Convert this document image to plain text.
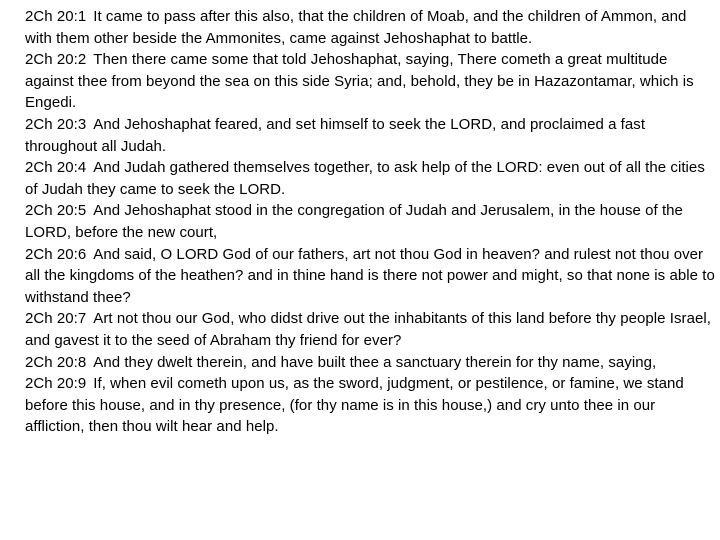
2Ch 20:1 It came to pass after this also, that the children of Moab, and the children of Ammon, and with them other beside the Ammonites, came against Jehoshaphat to battle.

2Ch 20:2 Then there came some that told Jehoshaphat, saying, There cometh a great multitude against thee from beyond the sea on this side Syria; and, behold, they be in Hazazontamar, which is Engedi.

2Ch 20:3 And Jehoshaphat feared, and set himself to seek the LORD, and proclaimed a fast throughout all Judah.

2Ch 20:4 And Judah gathered themselves together, to ask help of the LORD: even out of all the cities of Judah they came to seek the LORD.

2Ch 20:5 And Jehoshaphat stood in the congregation of Judah and Jerusalem, in the house of the LORD, before the new court,

2Ch 20:6 And said, O LORD God of our fathers, art not thou God in heaven? and rulest not thou over all the kingdoms of the heathen? and in thine hand is there not power and might, so that none is able to withstand thee?

2Ch 20:7 Art not thou our God, who didst drive out the inhabitants of this land before thy people Israel, and gavest it to the seed of Abraham thy friend for ever?

2Ch 20:8 And they dwelt therein, and have built thee a sanctuary therein for thy name, saying,

2Ch 20:9 If, when evil cometh upon us, as the sword, judgment, or pestilence, or famine, we stand before this house, and in thy presence, (for thy name is in this house,) and cry unto thee in our affliction, then thou wilt hear and help.
